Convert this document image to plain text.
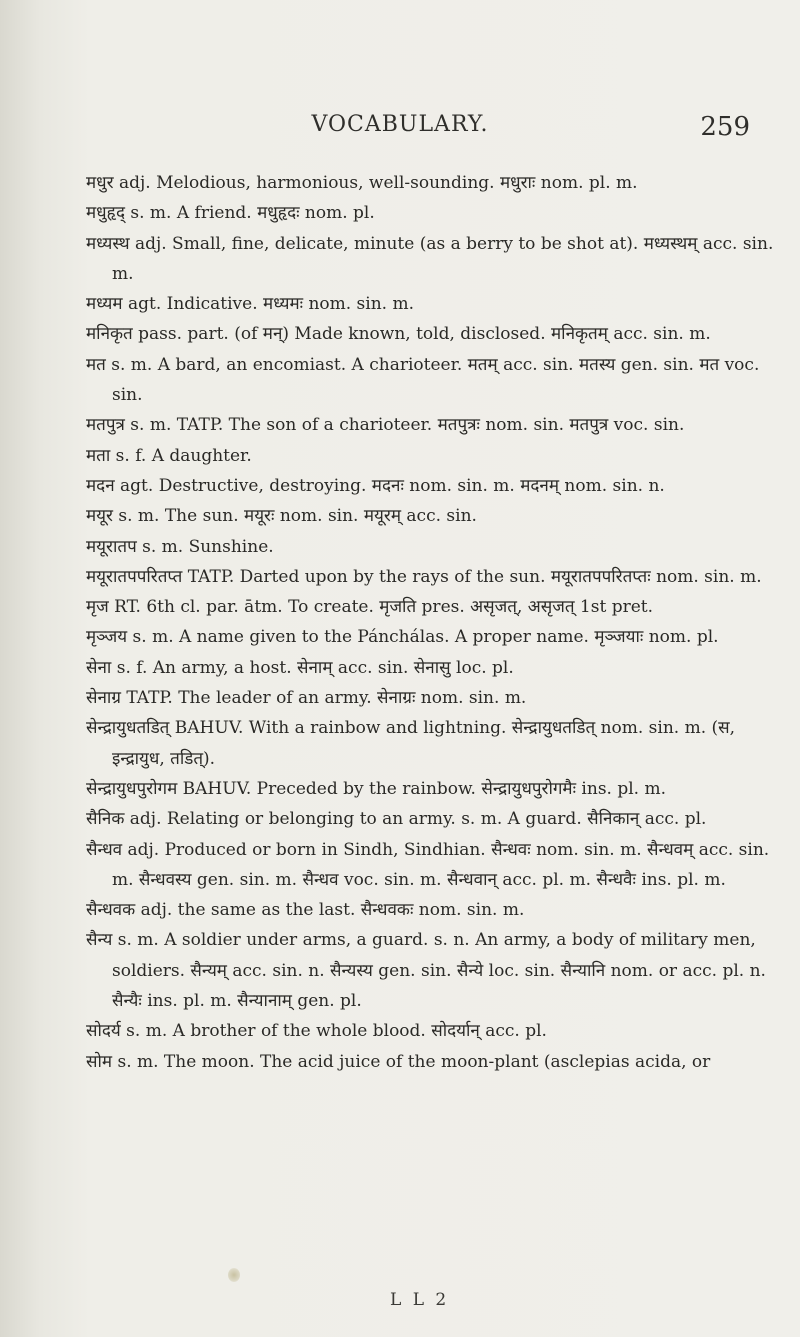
VOCABULARY.	259

मधुर adj. Melodious, harmonious, well-sounding. मधुराः nom. pl. m.

मधुहृद् s. m. A friend. मधुहृदः nom. pl.

मध्यस्थ adj. Small, fine, delicate, minute (as a berry to be shot at). मध्यस्थम् acc. sin. m.

मध्यम agt. Indicative. मध्यमः nom. sin. m.

मनिकृत pass. part. (of मन्) Made known, told, disclosed. मनिकृतम् acc. sin. m.

मत s. m. A bard, an encomiast. A charioteer. मतम् acc. sin. मतस्य gen. sin. मत voc. sin.

मतपुत्र s. m. TATP. The son of a charioteer. मतपुत्रः nom. sin. मतपुत्र voc. sin.

मता s. f. A daughter.

मदन agt. Destructive, destroying. मदनः nom. sin. m. मदनम् nom. sin. n.

मयूर s. m. The sun. मयूरः nom. sin. मयूरम् acc. sin.

मयूरातप s. m. Sunshine.

मयूरातपपरितप्त TATP. Darted upon by the rays of the sun. मयूरातपपरितप्तः nom. sin. m.

मृज RT. 6th cl. par. ātm. To create. मृजति pres. असृजत्, असृजत् 1st pret.

मृञ्जय s. m. A name given to the Pánchálas. A proper name. मृञ्जयाः nom. pl.

सेना s. f. An army, a host. सेनाम् acc. sin. सेनासु loc. pl.

सेनाग्र TATP. The leader of an army. सेनाग्रः nom. sin. m.

सेन्द्रायुधतडित् BAHUV. With a rainbow and lightning. सेन्द्रायुधतडित् nom. sin. m. (स, इन्द्रायुध, तडित्).

सेन्द्रायुधपुरोगम BAHUV. Preceded by the rainbow. सेन्द्रायुधपुरोगमैः ins. pl. m.

सैनिक adj. Relating or belonging to an army. s. m. A guard. सैनिकान् acc. pl.

सैन्धव adj. Produced or born in Sindh, Sindhian. सैन्धवः nom. sin. m. सैन्धवम् acc. sin. m. सैन्धवस्य gen. sin. m. सैन्धव voc. sin. m. सैन्धवान् acc. pl. m. सैन्धवैः ins. pl. m.

सैन्धवक adj. the same as the last. सैन्धवकः nom. sin. m.

सैन्य s. m. A soldier under arms, a guard. s. n. An army, a body of military men, soldiers. सैन्यम् acc. sin. n. सैन्यस्य gen. sin. सैन्ये loc. sin. सैन्यानि nom. or acc. pl. n. सैन्यैः ins. pl. m. सैन्यानाम् gen. pl.

सोदर्य s. m. A brother of the whole blood. सोदर्यान् acc. pl.

सोम s. m. The moon. The acid juice of the moon-plant (asclepias acida, or

L L 2
